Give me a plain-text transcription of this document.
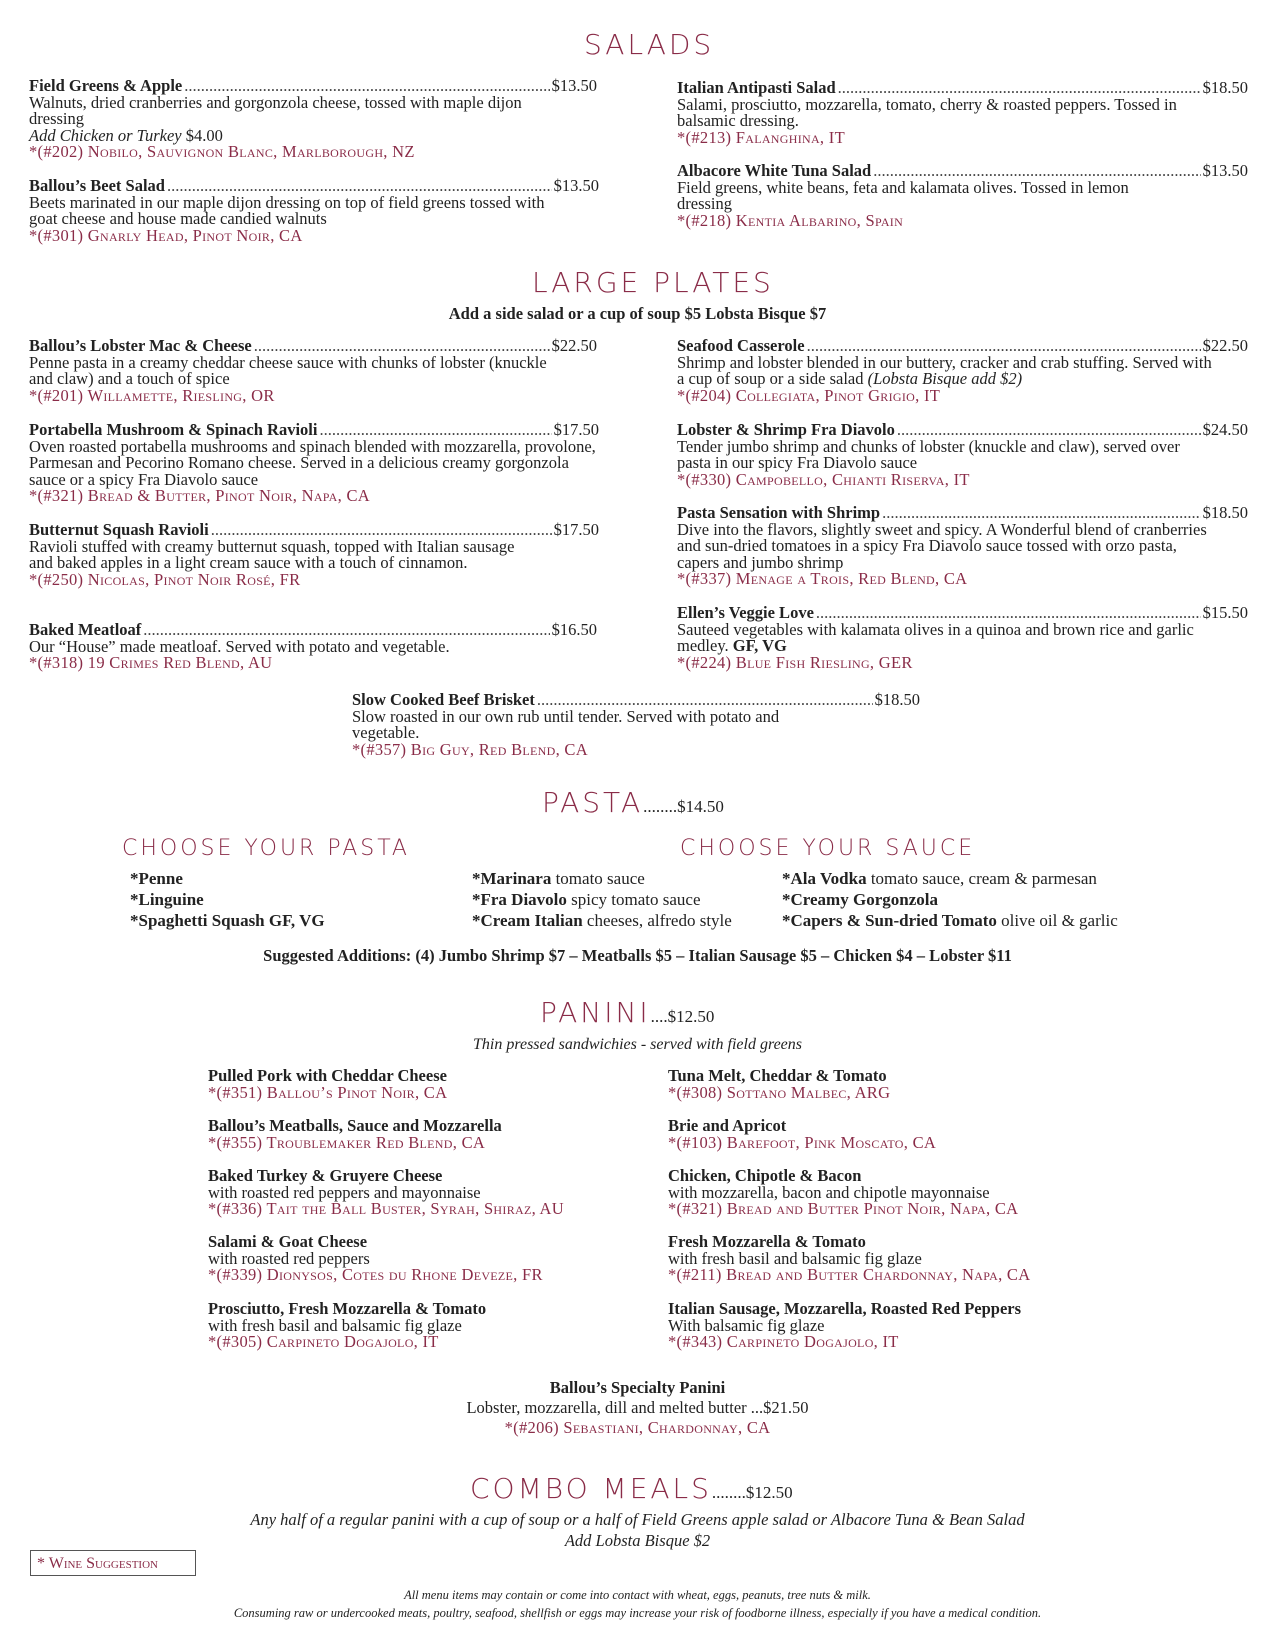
SALADS
Field Greens & Apple .....	$13.50
Walnuts, dried cranberries and gorgonzola cheese, tossed with maple dijon dressing
Add Chicken or Turkey $4.00
*(#202) Nobilo, Sauvignon Blanc, Marlborough, NZ
Ballou’s Beet Salad .....	$13.50
Beets marinated in our maple dijon dressing on top of field greens tossed with goat cheese and house made candied walnuts
*(#301) Gnarly Head, Pinot Noir, CA
Italian Antipasti Salad .....	$18.50
Salami, prosciutto, mozzarella, tomato, cherry & roasted peppers. Tossed in balsamic dressing.
*(#213) Falanghina, IT
Albacore White Tuna Salad .....	$13.50
Field greens, white beans, feta and kalamata olives. Tossed in lemon dressing
*(#218) Kentia Albarino, Spain
LARGE PLATES
Add a side salad or a cup of soup $5 Lobsta Bisque $7
Ballou’s Lobster Mac & Cheese .....	$22.50
Penne pasta in a creamy cheddar cheese sauce with chunks of lobster (knuckle and claw) and a touch of spice
*(#201) Willamette, Riesling, OR
Portabella Mushroom & Spinach Ravioli .....	$17.50
Oven roasted portabella mushrooms and spinach blended with mozzarella, provolone, Parmesan and Pecorino Romano cheese. Served in a delicious creamy gorgonzola sauce or a spicy Fra Diavolo sauce
*(#321) Bread & Butter, Pinot Noir, Napa, CA
Butternut Squash Ravioli .....	$17.50
Ravioli stuffed with creamy butternut squash, topped with Italian sausage and baked apples in a light cream sauce with a touch of cinnamon.
*(#250) Nicolas, Pinot Noir Rosé, FR
Baked Meatloaf .....	$16.50
Our “House” made meatloaf. Served with potato and vegetable.
*(#318) 19 Crimes Red Blend, AU
Seafood Casserole .....	$22.50
Shrimp and lobster blended in our buttery, cracker and crab stuffing. Served with a cup of soup or a side salad (Lobsta Bisque add $2)
*(#204) Collegiata, Pinot Grigio, IT
Lobster & Shrimp Fra Diavolo .....	$24.50
Tender jumbo shrimp and chunks of lobster (knuckle and claw), served over pasta in our spicy Fra Diavolo sauce
*(#330) Campobello, Chianti Riserva, IT
Pasta Sensation with Shrimp .....	$18.50
Dive into the flavors, slightly sweet and spicy. A Wonderful blend of cranberries and sun-dried tomatoes in a spicy Fra Diavolo sauce tossed with orzo pasta, capers and jumbo shrimp
*(#337) Menage a Trois, Red Blend, CA
Ellen’s Veggie Love .....	$15.50
Sauteed vegetables with kalamata olives in a quinoa and brown rice and garlic medley. GF, VG
*(#224) Blue Fish Riesling, GER
Slow Cooked Beef Brisket .....	$18.50
Slow roasted in our own rub until tender. Served with potato and vegetable.
*(#357) Big Guy, Red Blend, CA
PASTA........$14.50
CHOOSE YOUR PASTA	CHOOSE YOUR SAUCE
*Penne
*Linguine
*Spaghetti Squash GF, VG
*Marinara tomato sauce
*Fra Diavolo spicy tomato sauce
*Cream Italian cheeses, alfredo style
*Ala Vodka tomato sauce, cream & parmesan
*Creamy Gorgonzola
*Capers & Sun-dried Tomato olive oil & garlic
Suggested Additions: (4) Jumbo Shrimp $7 – Meatballs $5 – Italian Sausage $5 – Chicken $4 – Lobster $11
PANINI....$12.50
Thin pressed sandwichies - served with field greens
Pulled Pork with Cheddar Cheese
*(#351) Ballou’s Pinot Noir, CA
Ballou’s Meatballs, Sauce and Mozzarella
*(#355) Troublemaker Red Blend, CA
Baked Turkey & Gruyere Cheese
with roasted red peppers and mayonnaise
*(#336) Tait the Ball Buster, Syrah, Shiraz, AU
Salami & Goat Cheese
with roasted red peppers
*(#339) Dionysos, Cotes du Rhone Deveze, FR
Prosciutto, Fresh Mozzarella & Tomato
with fresh basil and balsamic fig glaze
*(#305) Carpineto Dogajolo, IT
Tuna Melt, Cheddar & Tomato
*(#308) Sottano Malbec, ARG
Brie and Apricot
*(#103) Barefoot, Pink Moscato, CA
Chicken, Chipotle & Bacon
with mozzarella, bacon and chipotle mayonnaise
*(#321) Bread and Butter Pinot Noir, Napa, CA
Fresh Mozzarella & Tomato
with fresh basil and balsamic fig glaze
*(#211) Bread and Butter Chardonnay, Napa, CA
Italian Sausage, Mozzarella, Roasted Red Peppers
With balsamic fig glaze
*(#343) Carpineto Dogajolo, IT
Ballou’s Specialty Panini
Lobster, mozzarella, dill and melted butter ...$21.50
*(#206) Sebastiani, Chardonnay, CA
COMBO MEALS........$12.50
Any half of a regular panini with a cup of soup or a half of Field Greens apple salad or Albacore Tuna & Bean Salad
Add Lobsta Bisque $2
* Wine Suggestion
All menu items may contain or come into contact with wheat, eggs, peanuts, tree nuts & milk.
Consuming raw or undercooked meats, poultry, seafood, shellfish or eggs may increase your risk of foodborne illness, especially if you have a medical condition.
